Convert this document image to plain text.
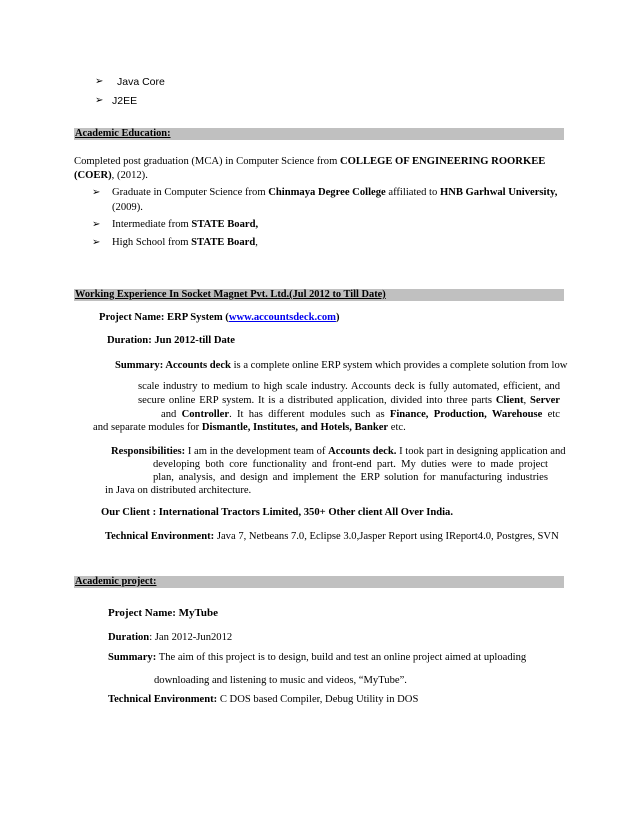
➢ Java Core
➢ J2EE
Academic Education:
Completed post graduation (MCA) in Computer Science from COLLEGE OF ENGINEERING ROORKEE
(COER), (2012).
➢ Graduate in Computer Science from Chinmaya Degree College affiliated to HNB Garhwal University,
(2009).
➢ Intermediate from STATE Board,
➢ High School from STATE Board,
Working Experience In Socket Magnet Pvt. Ltd.(Jul 2012 to Till Date)
Project Name: ERP System (www.accountsdeck.com)
Duration: Jun 2012-till Date
Summary: Accounts deck is a complete online ERP system which provides a complete solution from low
scale industry to medium to high scale industry. Accounts deck is fully automated, efficient, and
secure online ERP system. It is a distributed application, divided into three parts Client, Server
and Controller. It has different modules such as Finance, Production, Warehouse etc
and separate modules for Dismantle, Institutes, and Hotels, Banker etc.
Responsibilities: I am in the development team of Accounts deck. I took part in designing application and
developing both core functionality and front-end part. My duties were to made project
plan, analysis, and design and implement the ERP solution for manufacturing industries
in Java on distributed architecture.
Our Client : International Tractors Limited, 350+ Other client All Over India.
Technical Environment: Java 7, Netbeans 7.0, Eclipse 3.0,Jasper Report using IReport4.0, Postgres, SVN
Academic project:
Project Name: MyTube
Duration: Jan 2012-Jun2012
Summary: The aim of this project is to design, build and test an online project aimed at uploading
downloading and listening to music and videos, “MyTube”.
Technical Environment: C DOS based Compiler, Debug Utility in DOS
